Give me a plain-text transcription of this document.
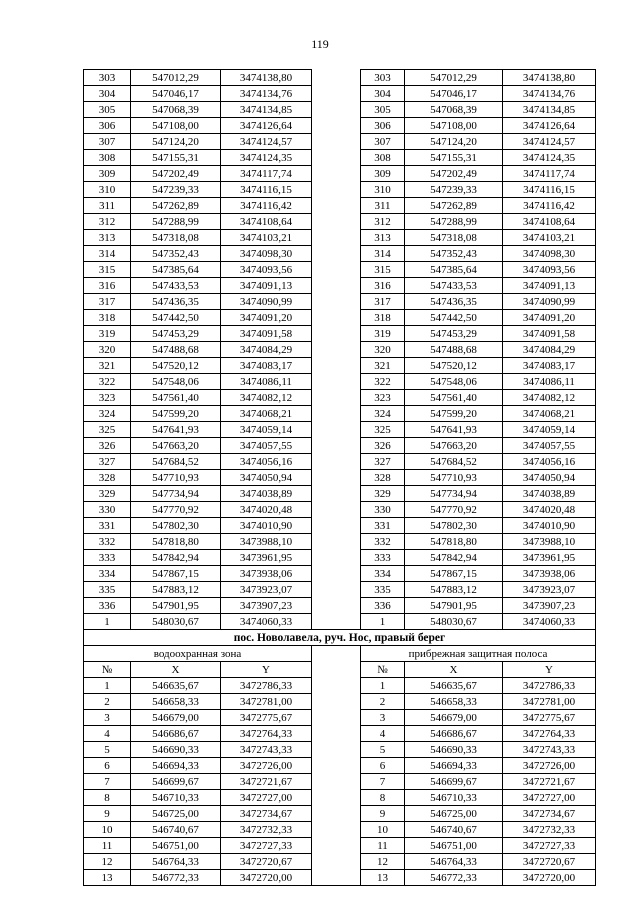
119
303	547012,29	3474138,80		303	547012,29	3474138,80
304	547046,17	3474134,76		304	547046,17	3474134,76
305	547068,39	3474134,85		305	547068,39	3474134,85
306	547108,00	3474126,64		306	547108,00	3474126,64
307	547124,20	3474124,57		307	547124,20	3474124,57
308	547155,31	3474124,35		308	547155,31	3474124,35
309	547202,49	3474117,74		309	547202,49	3474117,74
310	547239,33	3474116,15		310	547239,33	3474116,15
311	547262,89	3474116,42		311	547262,89	3474116,42
312	547288,99	3474108,64		312	547288,99	3474108,64
313	547318,08	3474103,21		313	547318,08	3474103,21
314	547352,43	3474098,30		314	547352,43	3474098,30
315	547385,64	3474093,56		315	547385,64	3474093,56
316	547433,53	3474091,13		316	547433,53	3474091,13
317	547436,35	3474090,99		317	547436,35	3474090,99
318	547442,50	3474091,20		318	547442,50	3474091,20
319	547453,29	3474091,58		319	547453,29	3474091,58
320	547488,68	3474084,29		320	547488,68	3474084,29
321	547520,12	3474083,17		321	547520,12	3474083,17
322	547548,06	3474086,11		322	547548,06	3474086,11
323	547561,40	3474082,12		323	547561,40	3474082,12
324	547599,20	3474068,21		324	547599,20	3474068,21
325	547641,93	3474059,14		325	547641,93	3474059,14
326	547663,20	3474057,55		326	547663,20	3474057,55
327	547684,52	3474056,16		327	547684,52	3474056,16
328	547710,93	3474050,94		328	547710,93	3474050,94
329	547734,94	3474038,89		329	547734,94	3474038,89
330	547770,92	3474020,48		330	547770,92	3474020,48
331	547802,30	3474010,90		331	547802,30	3474010,90
332	547818,80	3473988,10		332	547818,80	3473988,10
333	547842,94	3473961,95		333	547842,94	3473961,95
334	547867,15	3473938,06		334	547867,15	3473938,06
335	547883,12	3473923,07		335	547883,12	3473923,07
336	547901,95	3473907,23		336	547901,95	3473907,23
1	548030,67	3474060,33		1	548030,67	3474060,33
пос. Новолавела, руч. Нос, правый берег						
водоохранная зона				прибрежная защитная полоса		
№	X	Y		№	X	Y
1	546635,67	3472786,33		1	546635,67	3472786,33
2	546658,33	3472781,00		2	546658,33	3472781,00
3	546679,00	3472775,67		3	546679,00	3472775,67
4	546686,67	3472764,33		4	546686,67	3472764,33
5	546690,33	3472743,33		5	546690,33	3472743,33
6	546694,33	3472726,00		6	546694,33	3472726,00
7	546699,67	3472721,67		7	546699,67	3472721,67
8	546710,33	3472727,00		8	546710,33	3472727,00
9	546725,00	3472734,67		9	546725,00	3472734,67
10	546740,67	3472732,33		10	546740,67	3472732,33
11	546751,00	3472727,33		11	546751,00	3472727,33
12	546764,33	3472720,67		12	546764,33	3472720,67
13	546772,33	3472720,00		13	546772,33	3472720,00
